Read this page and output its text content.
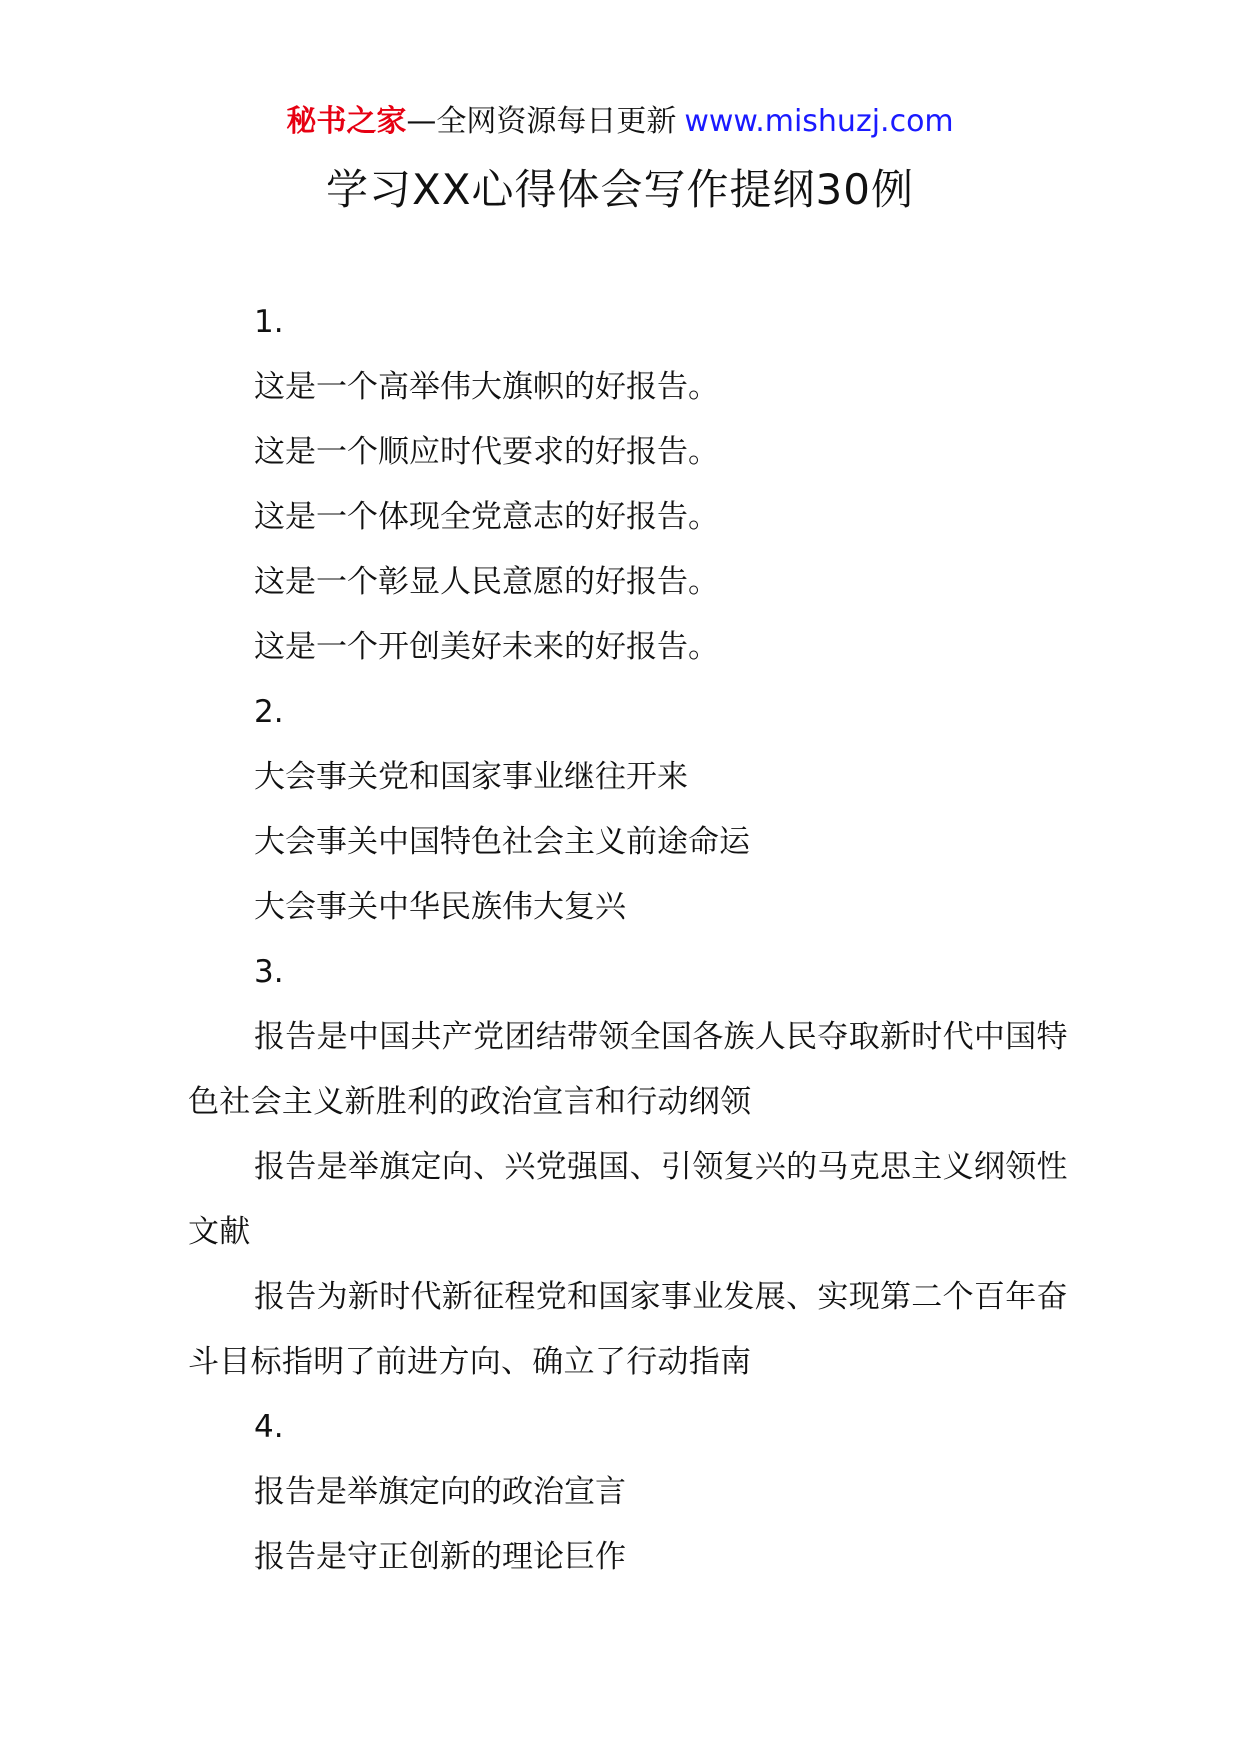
秘书之家—全网资源每日更新 www.mishuzj.com
学习XX心得体会写作提纲30例
1.
这是一个高举伟大旗帜的好报告。
这是一个顺应时代要求的好报告。
这是一个体现全党意志的好报告。
这是一个彰显人民意愿的好报告。
这是一个开创美好未来的好报告。
2.
大会事关党和国家事业继往开来
大会事关中国特色社会主义前途命运
大会事关中华民族伟大复兴
3.
报告是中国共产党团结带领全国各族人民夺取新时代中国特色社会主义新胜利的政治宣言和行动纲领
报告是举旗定向、兴党强国、引领复兴的马克思主义纲领性文献
报告为新时代新征程党和国家事业发展、实现第二个百年奋斗目标指明了前进方向、确立了行动指南
4.
报告是举旗定向的政治宣言
报告是守正创新的理论巨作
